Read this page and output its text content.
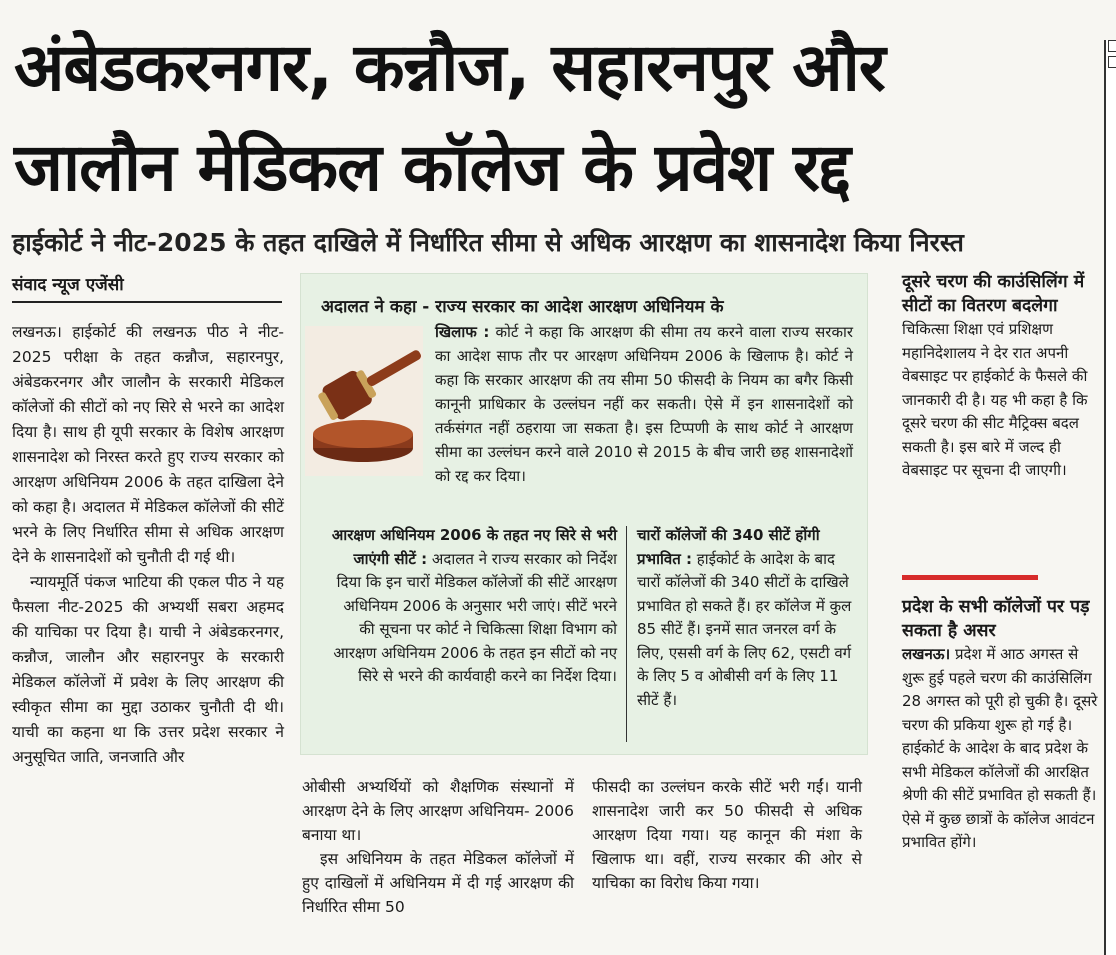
अंबेडकरनगर, कन्नौज, सहारनपुर और
जालौन मेडिकल कॉलेज के प्रवेश रद्द
हाईकोर्ट ने नीट-2025 के तहत दाखिले में निर्धारित सीमा से अधिक आरक्षण का शासनादेश किया निरस्त
संवाद न्यूज एजेंसी

लखनऊ। हाईकोर्ट की लखनऊ पीठ ने नीट- 2025 परीक्षा के तहत कन्नौज, सहारनपुर, अंबेडकरनगर और जालौन के सरकारी मेडिकल कॉलेजों की सीटों को नए सिरे से भरने का आदेश दिया है। साथ ही यूपी सरकार के विशेष आरक्षण शासनादेश को निरस्त करते हुए राज्य सरकार को आरक्षण अधिनियम 2006 के तहत दाखिला देने को कहा है। अदालत में मेडिकल कॉलेजों की सीटें भरने के लिए निर्धारित सीमा से अधिक आरक्षण देने के शासनादेशों को चुनौती दी गई थी।

न्यायमूर्ति पंकज भाटिया की एकल पीठ ने यह फैसला नीट-2025 की अभ्यर्थी सबरा अहमद की याचिका पर दिया है। याची ने अंबेडकरनगर, कन्नौज, जालौन और सहारनपुर के सरकारी मेडिकल कॉलेजों में प्रवेश के लिए आरक्षण की स्वीकृत सीमा का मुद्दा उठाकर चुनौती दी थी। याची का कहना था कि उत्तर प्रदेश सरकार ने अनुसूचित जाति, जनजाति और

अदालत ने कहा - राज्य सरकार का आदेश आरक्षण अधिनियम के
खिलाफ : कोर्ट ने कहा कि आरक्षण की सीमा तय करने वाला राज्य सरकार का आदेश साफ तौर पर आरक्षण अधिनियम 2006 के खिलाफ है। कोर्ट ने कहा कि सरकार आरक्षण की तय सीमा 50 फीसदी के नियम का बगैर किसी कानूनी प्राधिकार के उल्लंघन नहीं कर सकती। ऐसे में इन शासनादेशों को तर्कसंगत नहीं ठहराया जा सकता है। इस टिप्पणी के साथ कोर्ट ने आरक्षण सीमा का उल्लंघन करने वाले 2010 से 2015 के बीच जारी छह शासनादेशों को रद्द कर दिया।
आरक्षण अधिनियम 2006 के तहत नए सिरे से भरी जाएंगी सीटें : अदालत ने राज्य सरकार को निर्देश दिया कि इन चारों मेडिकल कॉलेजों की सीटें आरक्षण अधिनियम 2006 के अनुसार भरी जाएं। सीटें भरने की सूचना पर कोर्ट ने चिकित्सा शिक्षा विभाग को आरक्षण अधिनियम 2006 के तहत इन सीटों को नए सिरे से भरने की कार्यवाही करने का निर्देश दिया।
चारों कॉलेजों की 340 सीटें होंगी प्रभावित : हाईकोर्ट के आदेश के बाद चारों कॉलेजों की 340 सीटों के दाखिले प्रभावित हो सकते हैं। हर कॉलेज में कुल 85 सीटें हैं। इनमें सात जनरल वर्ग के लिए, एससी वर्ग के लिए 62, एसटी वर्ग के लिए 5 व ओबीसी वर्ग के लिए 11 सीटें हैं।

ओबीसी अभ्यर्थियों को शैक्षणिक संस्थानों में आरक्षण देने के लिए आरक्षण अधिनियम- 2006 बनाया था।

इस अधिनियम के तहत मेडिकल कॉलेजों में हुए दाखिलों में अधिनियम में दी गई आरक्षण की निर्धारित सीमा 50

फीसदी का उल्लंघन करके सीटें भरी गईं। यानी शासनादेश जारी कर 50 फीसदी से अधिक आरक्षण दिया गया। यह कानून की मंशा के खिलाफ था। वहीं, राज्य सरकार की ओर से याचिका का विरोध किया गया।

दूसरे चरण की काउंसिलिंग में सीटों का वितरण बदलेगा
चिकित्सा शिक्षा एवं प्रशिक्षण महानिदेशालय ने देर रात अपनी वेबसाइट पर हाईकोर्ट के फैसले की जानकारी दी है। यह भी कहा है कि दूसरे चरण की सीट मैट्रिक्स बदल सकती है। इस बारे में जल्द ही वेबसाइट पर सूचना दी जाएगी।
प्रदेश के सभी कॉलेजों पर पड़ सकता है असर
लखनऊ। प्रदेश में आठ अगस्त से शुरू हुई पहले चरण की काउंसिलिंग 28 अगस्त को पूरी हो चुकी है। दूसरे चरण की प्रकिया शुरू हो गई है। हाईकोर्ट के आदेश के बाद प्रदेश के सभी मेडिकल कॉलेजों की आरक्षित श्रेणी की सीटें प्रभावित हो सकती हैं। ऐसे में कुछ छात्रों के कॉलेज आवंटन प्रभावित होंगे।
